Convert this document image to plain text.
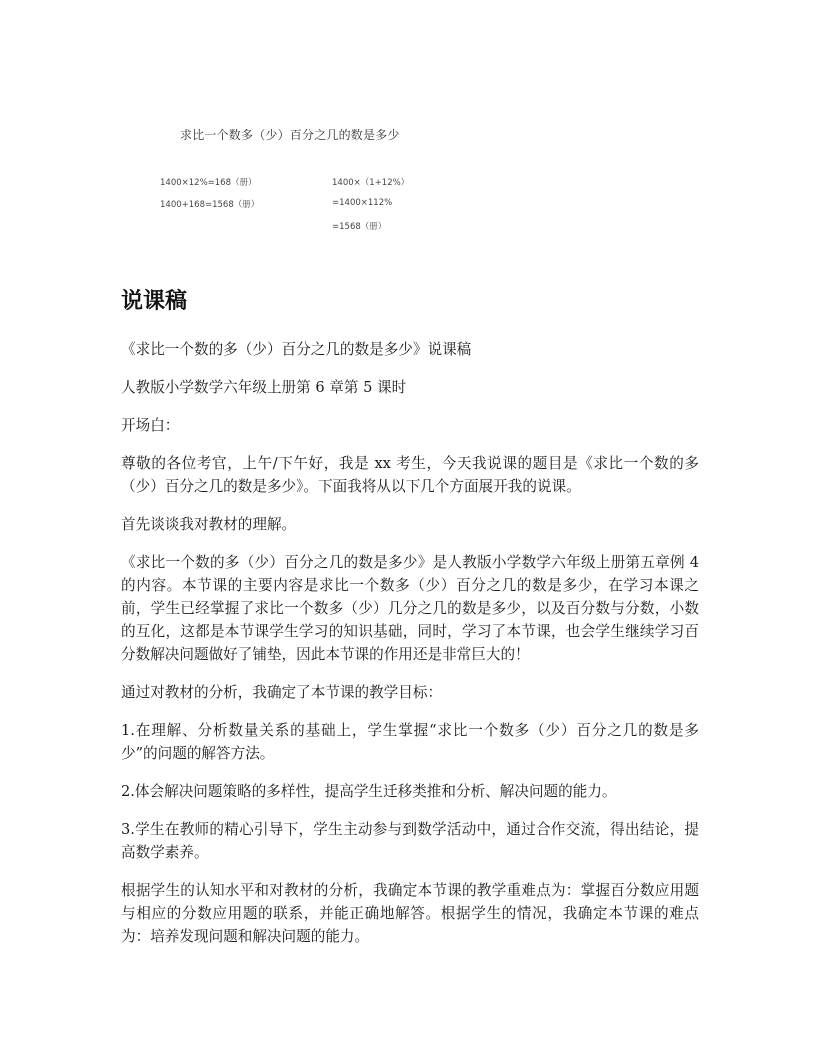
求比一个数多（少）百分之几的数是多少
1400×12%=168（册）
1400+168=1568（册）
1400×（1+12%）
=1400×112%
=1568（册）
说课稿

《求比一个数的多（少）百分之几的数是多少》说课稿

人教版小学数学六年级上册第 6 章第 5 课时

开场白：

尊敬的各位考官，上午/下午好，我是 xx 考生，今天我说课的题目是《求比一个数的多（少）百分之几的数是多少》。下面我将从以下几个方面展开我的说课。

首先谈谈我对教材的理解。

《求比一个数的多（少）百分之几的数是多少》是人教版小学数学六年级上册第五章例 4 的内容。本节课的主要内容是求比一个数多（少）百分之几的数是多少，在学习本课之前，学生已经掌握了求比一个数多（少）几分之几的数是多少，以及百分数与分数，小数的互化，这都是本节课学生学习的知识基础，同时，学习了本节课，也会学生继续学习百分数解决问题做好了铺垫，因此本节课的作用还是非常巨大的！

通过对教材的分析，我确定了本节课的教学目标：

1.在理解、分析数量关系的基础上，学生掌握“求比一个数多（少）百分之几的数是多少”的问题的解答方法。

2.体会解决问题策略的多样性，提高学生迁移类推和分析、解决问题的能力。

3.学生在教师的精心引导下，学生主动参与到数学活动中，通过合作交流，得出结论，提高数学素养。

根据学生的认知水平和对教材的分析，我确定本节课的教学重难点为：掌握百分数应用题与相应的分数应用题的联系，并能正确地解答。根据学生的情况，我确定本节课的难点为：培养发现问题和解决问题的能力。
